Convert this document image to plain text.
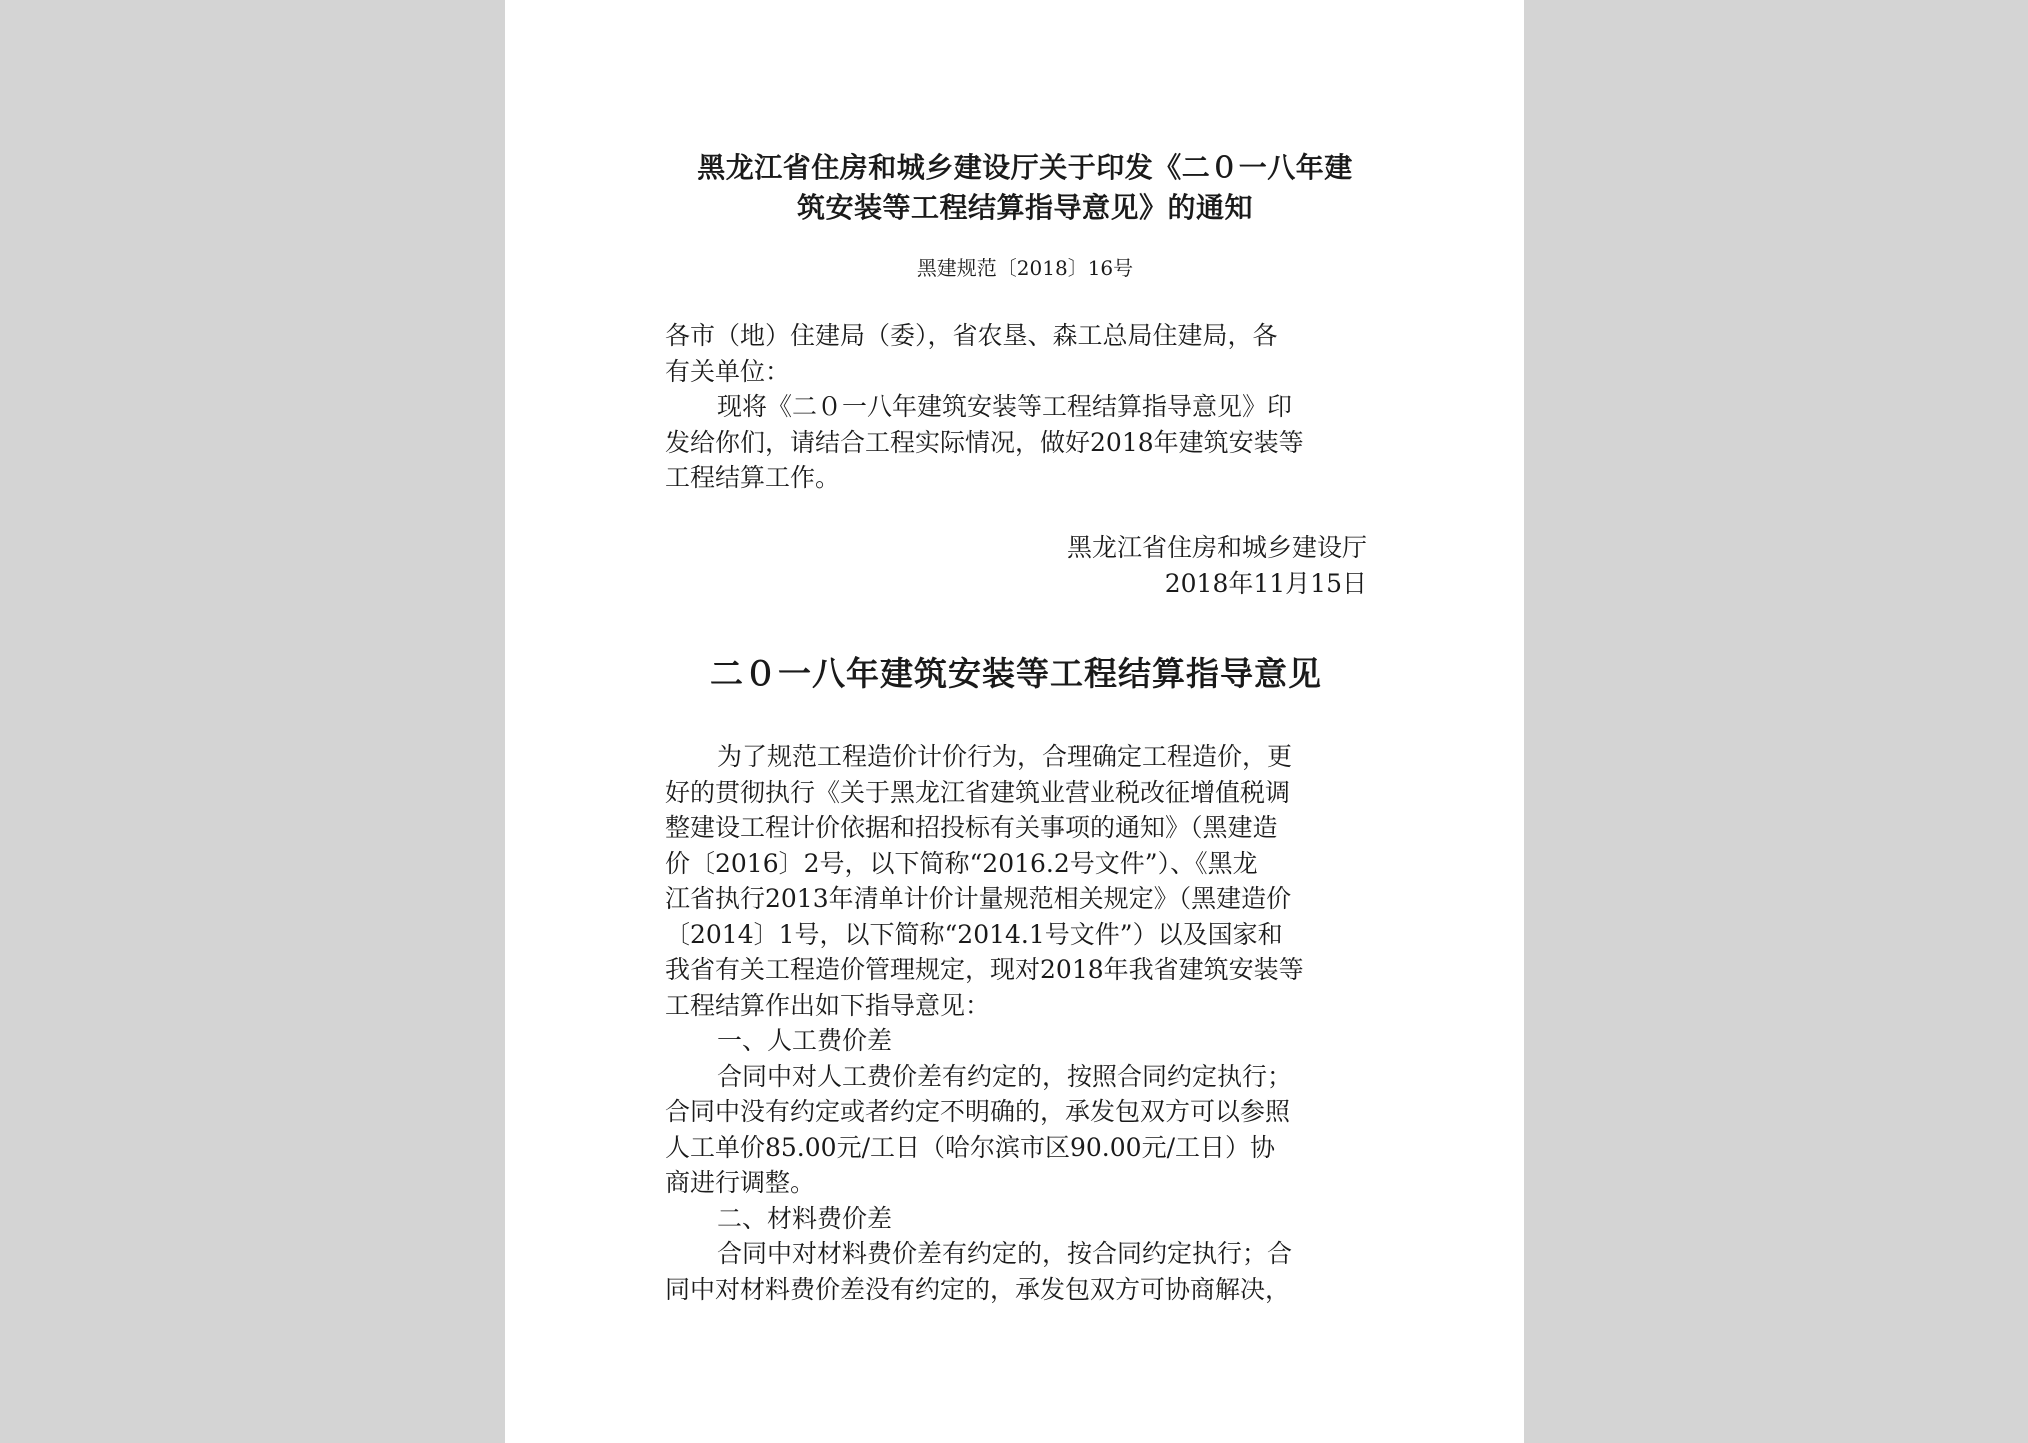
黑龙江省住房和城乡建设厅关于印发《二０一八年建
筑安装等工程结算指导意见》的通知
黑建规范〔2018〕16号
各市（地）住建局（委），省农垦、森工总局住建局，各
有关单位：
现将《二０一八年建筑安装等工程结算指导意见》印
发给你们，请结合工程实际情况，做好2018年建筑安装等
工程结算工作。
黑龙江省住房和城乡建设厅
2018年11月15日
二０一八年建筑安装等工程结算指导意见
为了规范工程造价计价行为，合理确定工程造价，更
好的贯彻执行《关于黑龙江省建筑业营业税改征增值税调
整建设工程计价依据和招投标有关事项的通知》（黑建造
价〔2016〕2号，以下简称“2016.2号文件”）、《黑龙
江省执行2013年清单计价计量规范相关规定》（黑建造价
〔2014〕1号，以下简称“2014.1号文件”）以及国家和
我省有关工程造价管理规定，现对2018年我省建筑安装等
工程结算作出如下指导意见：
一、人工费价差
合同中对人工费价差有约定的，按照合同约定执行；
合同中没有约定或者约定不明确的，承发包双方可以参照
人工单价85.00元/工日（哈尔滨市区90.00元/工日）协
商进行调整。
二、材料费价差
合同中对材料费价差有约定的，按合同约定执行；合
同中对材料费价差没有约定的，承发包双方可协商解决，
